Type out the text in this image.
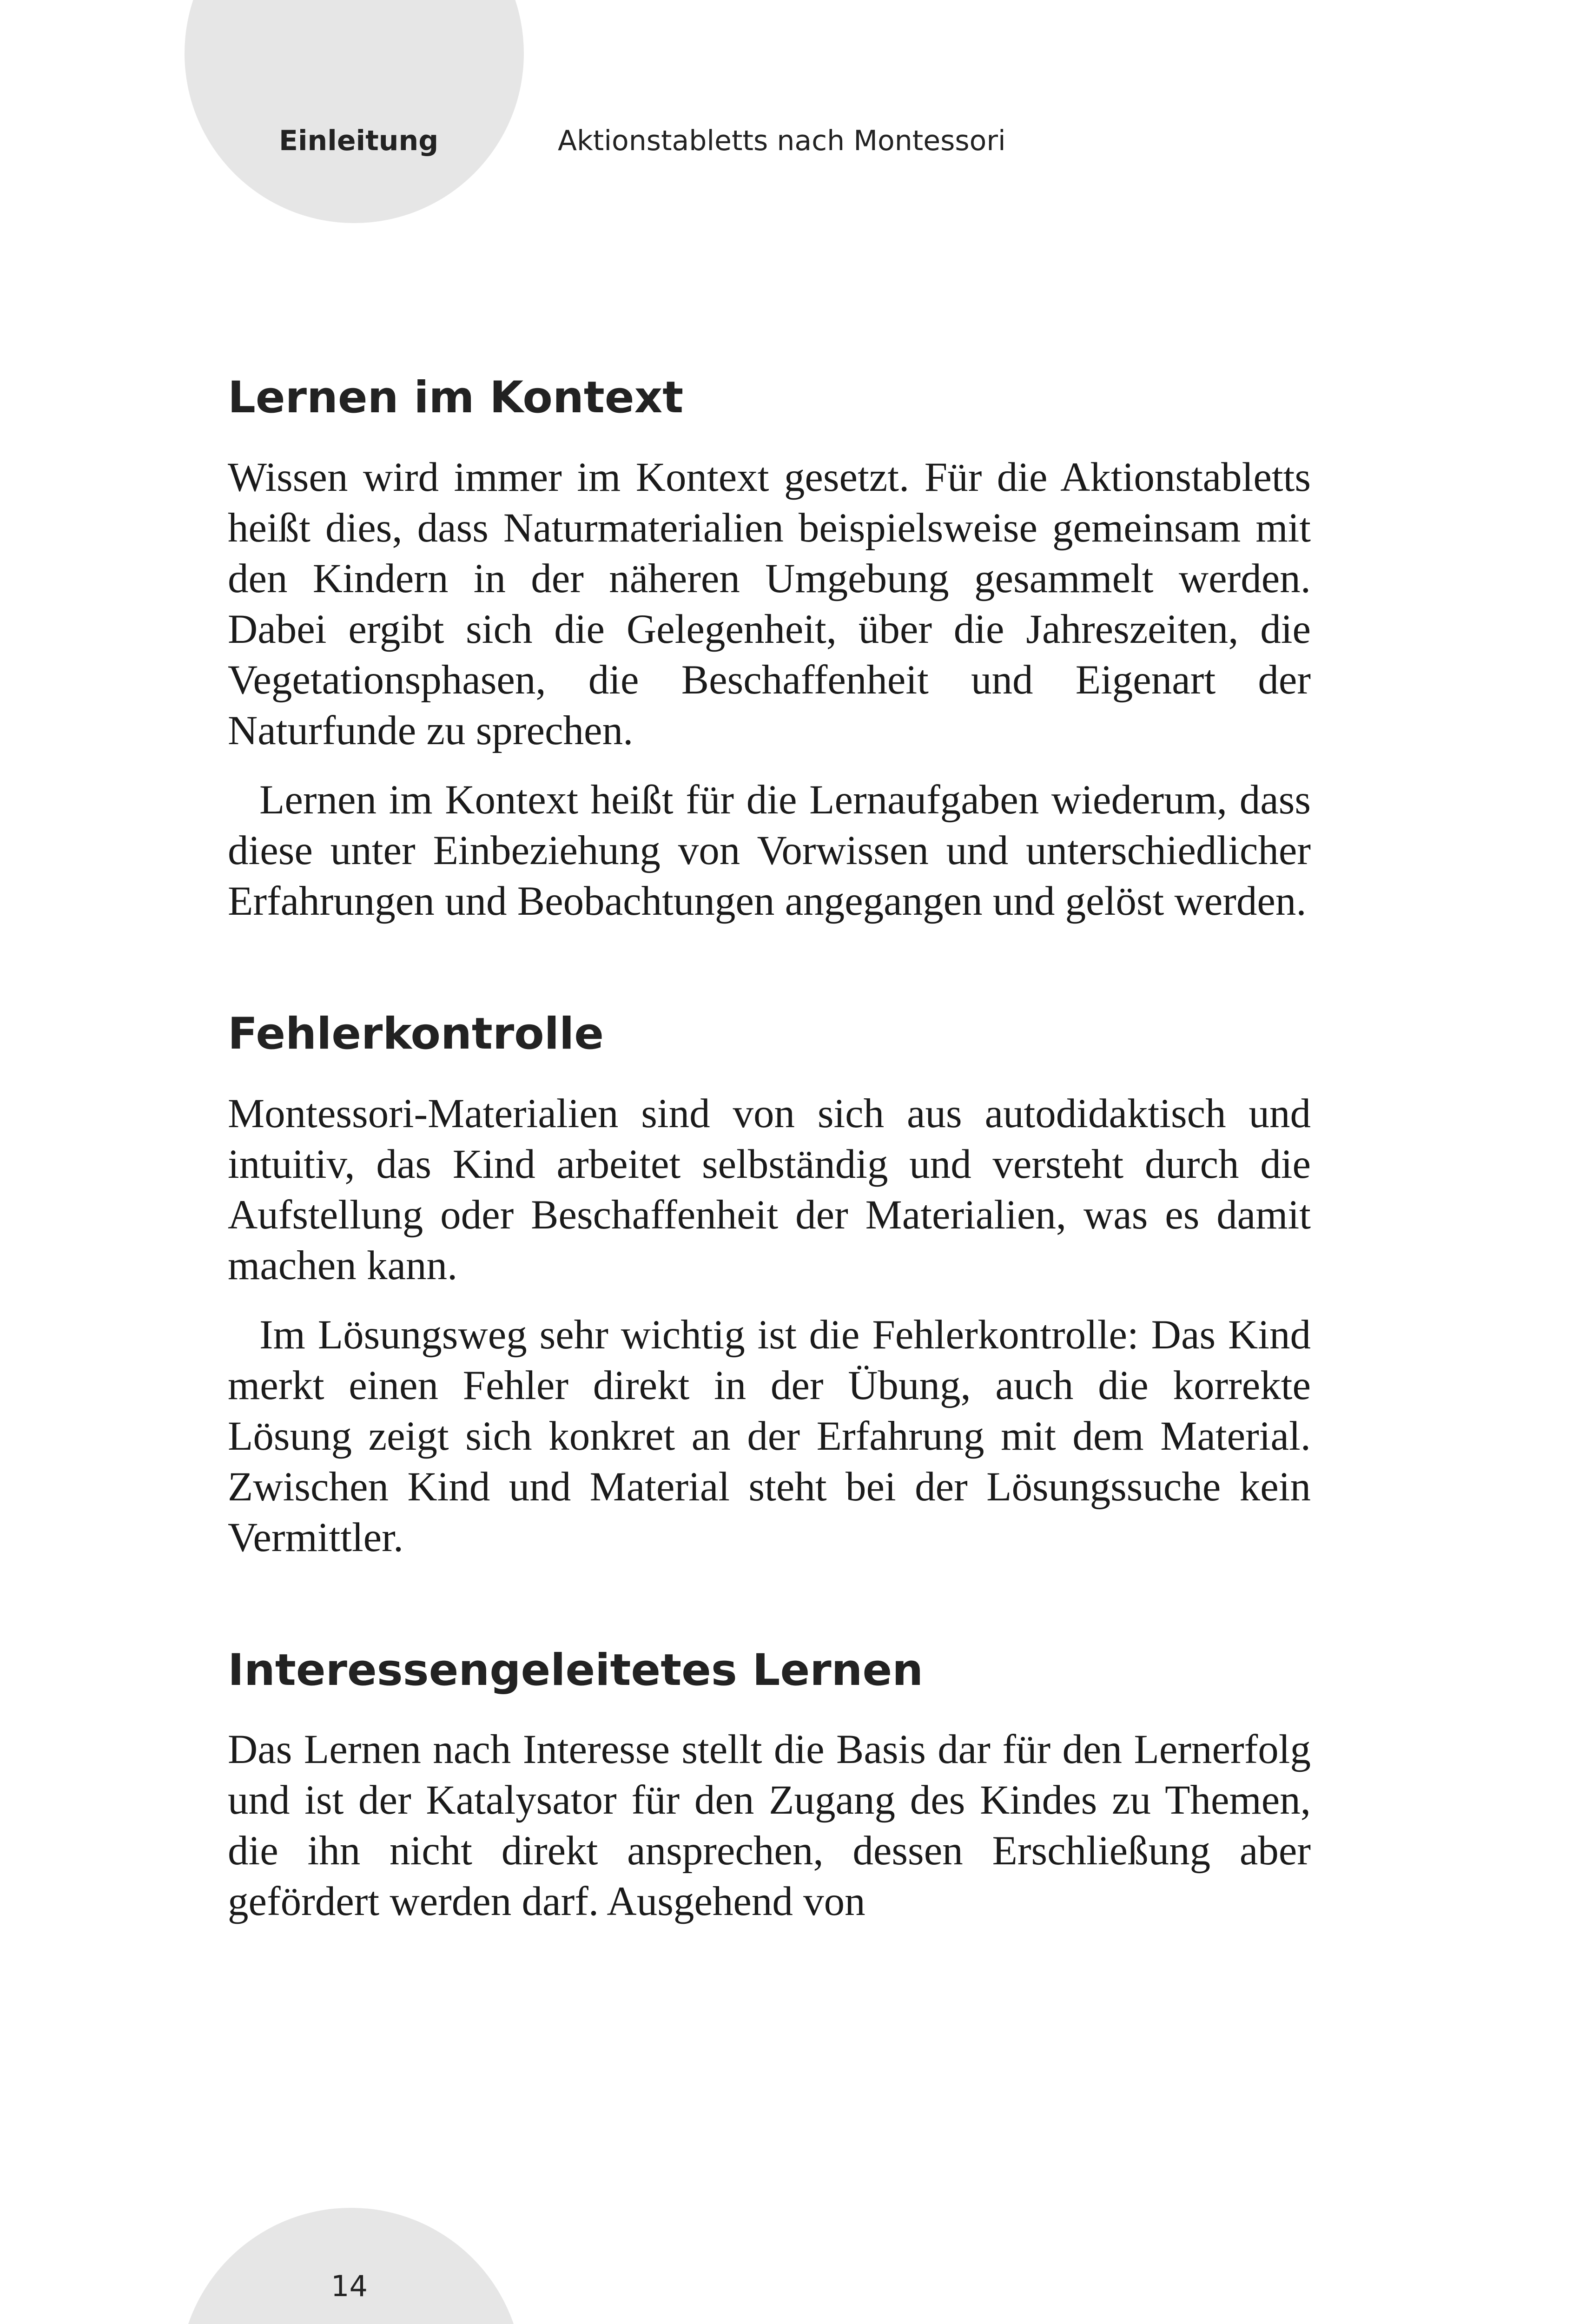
Einleitung	Aktionstabletts nach Montessori
Lernen im Kontext

Wissen wird immer im Kontext gesetzt. Für die Aktionstabletts heißt dies, dass Naturmaterialien beispielsweise gemeinsam mit den Kindern in der näheren Umgebung gesammelt werden. Dabei ergibt sich die Gelegenheit, über die Jahreszeiten, die Vegetationsphasen, die Beschaffenheit und Eigenart der Naturfunde zu sprechen.

Lernen im Kontext heißt für die Lernaufgaben wiederum, dass diese unter Einbeziehung von Vorwissen und unterschiedlicher Erfahrungen und Beobachtungen angegangen und gelöst werden.

Fehlerkontrolle

Montessori-Materialien sind von sich aus autodidaktisch und intuitiv, das Kind arbeitet selbständig und versteht durch die Aufstellung oder Beschaffenheit der Materialien, was es damit machen kann.

Im Lösungsweg sehr wichtig ist die Fehlerkontrolle: Das Kind merkt einen Fehler direkt in der Übung, auch die korrekte Lösung zeigt sich konkret an der Erfahrung mit dem Material. Zwischen Kind und Material steht bei der Lösungssuche kein Vermittler.

Interessengeleitetes Lernen

Das Lernen nach Interesse stellt die Basis dar für den Lernerfolg und ist der Katalysator für den Zugang des Kindes zu Themen, die ihn nicht direkt ansprechen, dessen Erschließung aber gefördert werden darf. Ausgehend von

14
